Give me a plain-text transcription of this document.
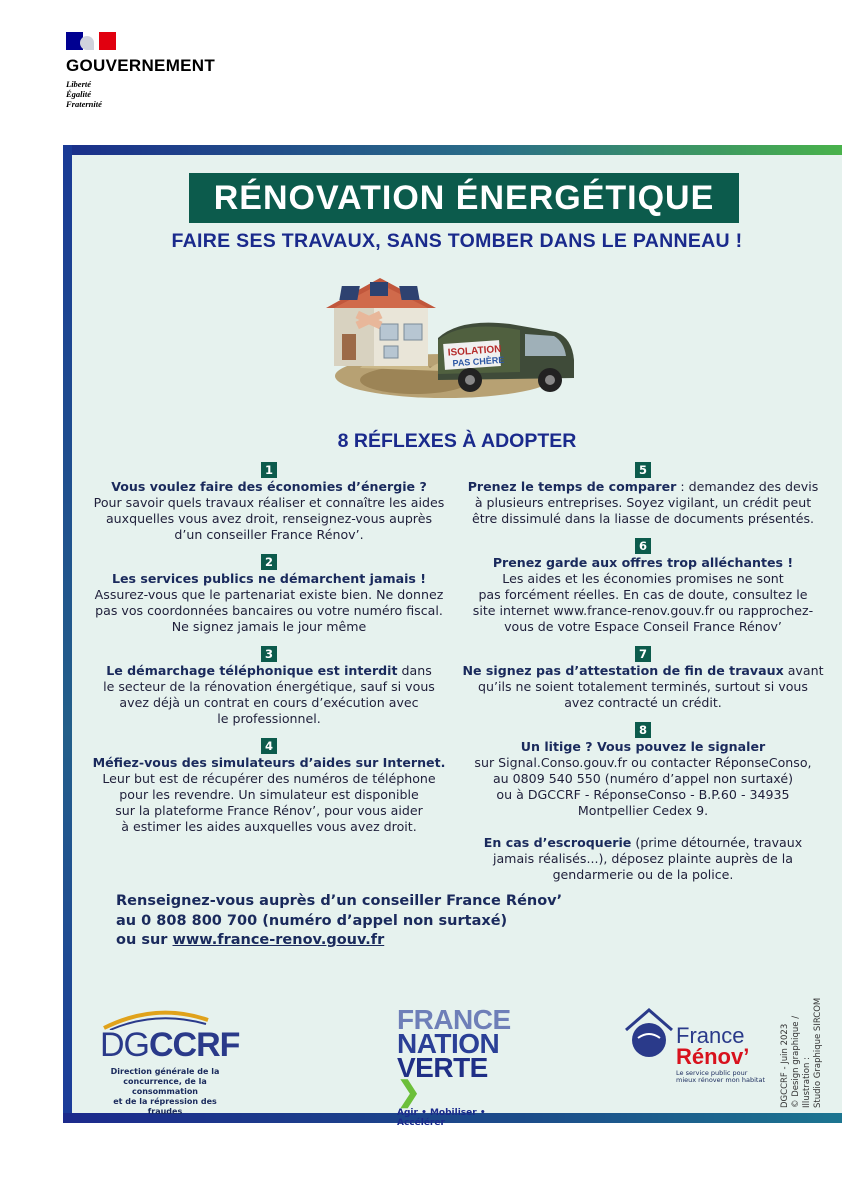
GOUVERNEMENT
Liberté
Égalité
Fraternité
RÉNOVATION ÉNERGÉTIQUE
FAIRE SES TRAVAUX, SANS TOMBER DANS LE PANNEAU !
ISOLATION
PAS CHÈRE
8 RÉFLEXES À ADOPTER
1
Vous voulez faire des économies d’énergie ?
Pour savoir quels travaux réaliser et connaître les aides
auxquelles vous avez droit, renseignez-vous auprès
d’un conseiller France Rénov’.
2
Les services publics ne démarchent jamais !
Assurez-vous que le partenariat existe bien. Ne donnez
pas vos coordonnées bancaires ou votre numéro fiscal.
Ne signez jamais le jour même
3
Le démarchage téléphonique est interdit dans
le secteur de la rénovation énergétique, sauf si vous
avez déjà un contrat en cours d’exécution avec
le professionnel.
4
Méfiez-vous des simulateurs d’aides sur Internet.
Leur but est de récupérer des numéros de téléphone
pour les revendre. Un simulateur est disponible
sur la plateforme France Rénov’, pour vous aider
à estimer les aides auxquelles vous avez droit.
5
Prenez le temps de comparer : demandez des devis
à plusieurs entreprises. Soyez vigilant, un crédit peut
être dissimulé dans la liasse de documents présentés.
6
Prenez garde aux offres trop alléchantes !
Les aides et les économies promises ne sont
pas forcément réelles. En cas de doute, consultez le
site internet www.france-renov.gouv.fr ou rapprochez-
vous de votre Espace Conseil France Rénov’
7
Ne signez pas d’attestation de fin de travaux avant
qu’ils ne soient totalement terminés, surtout si vous
avez contracté un crédit.
8
Un litige ? Vous pouvez le signaler
sur Signal.Conso.gouv.fr ou contacter RéponseConso,
au 0809 540 550 (numéro d’appel non surtaxé)
ou à DGCCRF - RéponseConso - B.P.60 - 34935
Montpellier Cedex 9.
En cas d’escroquerie (prime détournée, travaux
jamais réalisés...), déposez plainte auprès de la
gendarmerie ou de la police.
Renseignez-vous auprès d’un conseiller France Rénov’
au 0 808 800 700 (numéro d’appel non surtaxé)
ou sur www.france-renov.gouv.fr
DGCCRF
Direction générale de la
concurrence, de la consommation
et de la répression des fraudes
FRANCE
NATION
VERTE ❯
Agir • Mobiliser • Accélérer
France
Rénov’
Le service public pour mieux rénover mon habitat DGCCRF - Juin 2023 © Design graphique / Illustration : Studio Graphique SIRCOM
